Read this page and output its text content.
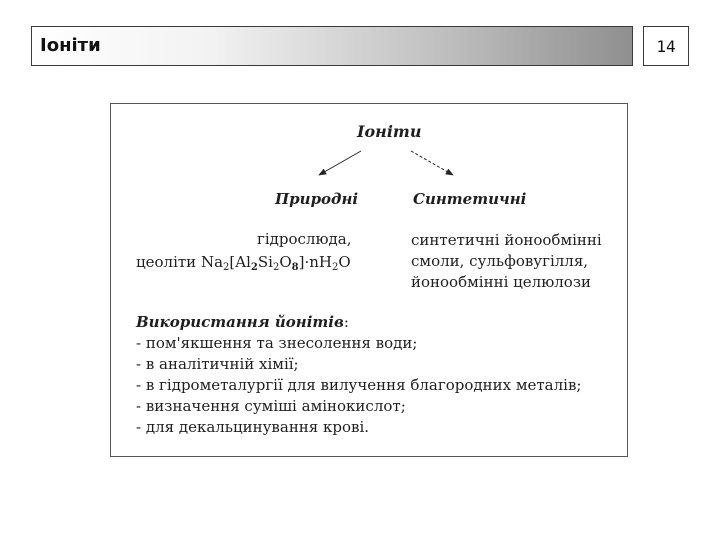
Іоніти	14
Іоніти
Природні	Синтетичні
гідрослюда,
цеоліти $Na_2[Al_2Si_2O_8]\cdot nH_2O$
синтетичні йонообмінні
смоли, сульфовугілля,
йонообмінні целюлози
Використання йонітів:
- пом'якшення та знесолення води;
- в аналітичній хімії;
- в гідрометалургії для вилучення благородних металів;
- визначення суміші амінокислот;
- для декальцинування крові.
